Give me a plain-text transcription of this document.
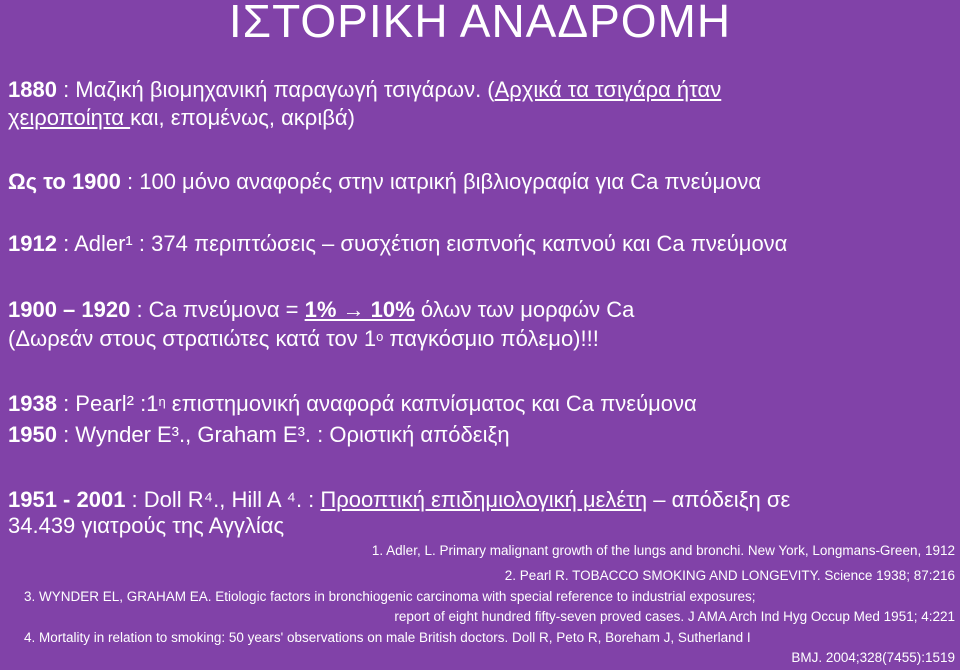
ΙΣΤΟΡΙΚΗ ΑΝΑΔΡΟΜΗ
1880 : Μαζική βιομηχανική παραγωγή τσιγάρων. (Αρχικά τα τσιγάρα ήταν
χειροποίητα και, επομένως, ακριβά)
Ως το 1900 : 100 μόνο αναφορές στην ιατρική βιβλιογραφία για Ca πνεύμονα
1912 : Adler¹ : 374 περιπτώσεις – συσχέτιση εισπνοής καπνού και Ca πνεύμονα
1900 – 1920 : Ca πνεύμονα = 1% → 10% όλων των μορφών Ca
(Δωρεάν στους στρατιώτες κατά τον $1^o$ παγκόσμιο πόλεμο)!!!
1938 : Pearl² $:1^\eta$ επιστημονική αναφορά καπνίσματος και Ca πνεύμονα
1950 : Wynder E³., Graham E³. : Οριστική απόδειξη
1951 - 2001 : Doll R⁴., Hill A ⁴. : Προοπτική επιδημιολογική μελέτη – απόδειξη σε
34.439 γιατρούς της Αγγλίας
1. Adler, L. Primary malignant growth of the lungs and bronchi. New York, Longmans-Green, 1912
2. Pearl R. TOBACCO SMOKING AND LONGEVITY. Science 1938; 87:216
3. WYNDER EL, GRAHAM EA. Etiologic factors in bronchiogenic carcinoma with special reference to industrial exposures;
report of eight hundred fifty-seven proved cases. J AMA Arch Ind Hyg Occup Med 1951; 4:221
4. Mortality in relation to smoking: 50 years' observations on male British doctors. Doll R, Peto R, Boreham J, Sutherland I
BMJ. 2004;328(7455):1519
